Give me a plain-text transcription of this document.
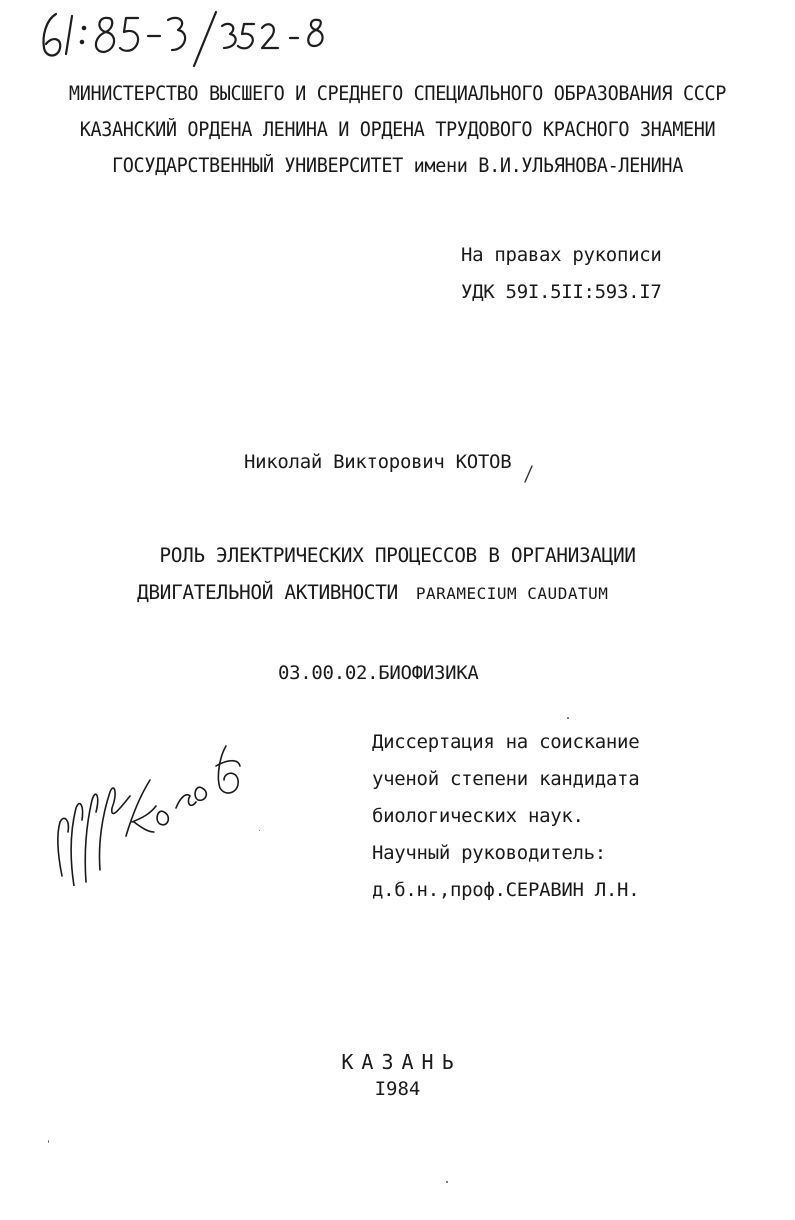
МИНИСТЕРСТВО ВЫСШЕГО И СРЕДНЕГО СПЕЦИАЛЬНОГО ОБРАЗОВАНИЯ СССР
КАЗАНСКИЙ ОРДЕНА ЛЕНИНА И ОРДЕНА ТРУДОВОГО КРАСНОГО ЗНАМЕНИ
ГОСУДАРСТВЕННЫЙ УНИВЕРСИТЕТ имени В.И.УЛЬЯНОВА-ЛЕНИНА
На правах рукописи
УДК 59I.5II:593.I7
Николай Викторович КОТОВ
РОЛЬ ЭЛЕКТРИЧЕСКИХ ПРОЦЕССОВ В ОРГАНИЗАЦИИ
ДВИГАТЕЛЬНОЙ АКТИВНОСТИ PARAMECIUM CAUDATUM
03.00.02.БИОФИЗИКА
Диссертация на соискание
ученой степени кандидата
биологических наук.
Научный руководитель:
д.б.н.,проф.СЕРАВИН Л.Н.
КАЗАНЬ
I984
